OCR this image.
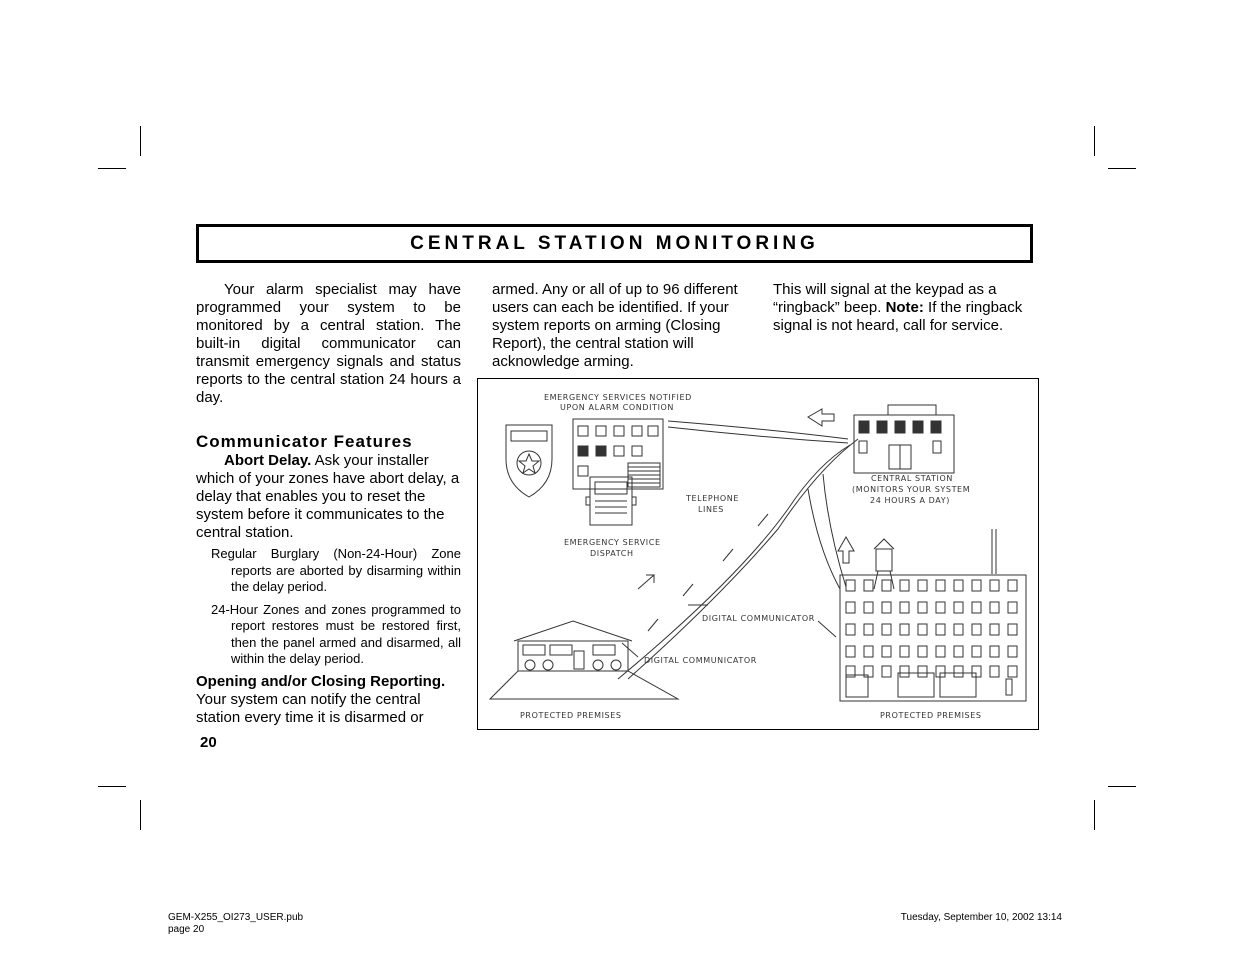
CENTRAL STATION MONITORING
Your alarm specialist may have programmed your system to be monitored by a central station. The built-in digital communicator can transmit emergency signals and status reports to the central station 24 hours a day.
Communicator Features
Abort Delay. Ask your installer which of your zones have abort delay, a delay that enables you to reset the system before it communicates to the central station.
Regular Burglary (Non-24-Hour) Zone reports are aborted by disarming within the delay period.
24-Hour Zones and zones programmed to report restores must be restored first, then the panel armed and disarmed, all within the delay period.
Opening and/or Closing Reporting.
Your system can notify the central station every time it is disarmed or
armed. Any or all of up to 96 different users can each be identified. If your system reports on arming (Closing Report), the central station will acknowledge arming.
This will signal at the keypad as a “ringback” beep. Note: If the ringback signal is not heard, call for service.
EMERGENCY SERVICES NOTIFIED
UPON ALARM CONDITION
TELEPHONE
LINES
EMERGENCY SERVICE
DISPATCH
CENTRAL STATION
(MONITORS YOUR SYSTEM
24 HOURS A DAY)
DIGITAL COMMUNICATOR
DIGITAL COMMUNICATOR
PROTECTED PREMISES	PROTECTED PREMISES
20
GEM-X255_OI273_USER.pub
page 20
Tuesday, September 10, 2002 13:14
